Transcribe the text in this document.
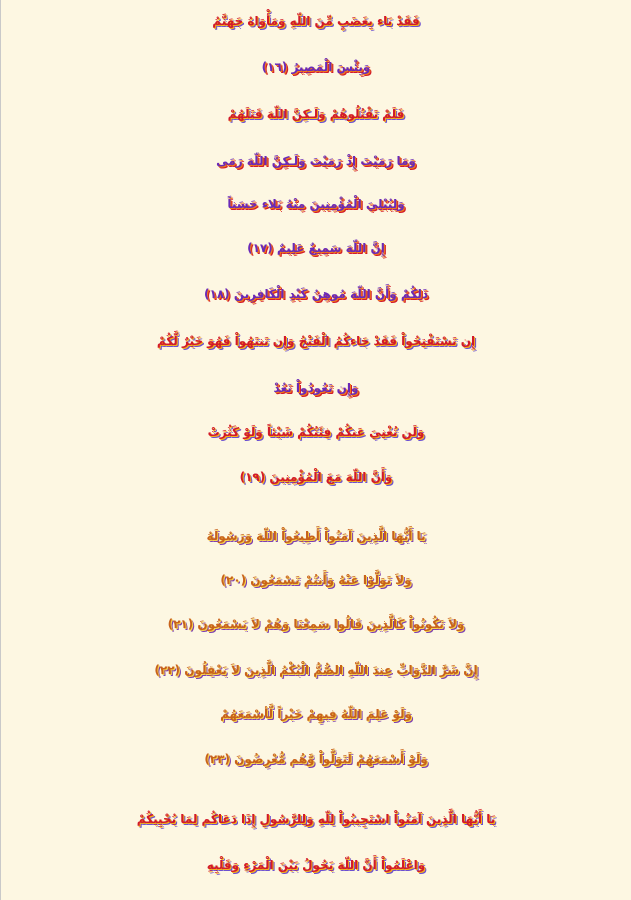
فَقَدْ بَاء بِغَضَبٍ مِّنَ اللّهِ وَمَأْوَاهُ جَهَنَّمُ
وَبِئْسَ الْمَصِيرُ (١٦)
فَلَمْ تَقْتُلُوهُمْ وَلَـكِنَّ اللّهَ قَتَلَهُمْ
وَمَا رَمَيْتَ إِذْ رَمَيْتَ وَلَـكِنَّ اللّهَ رَمَى
وَلِيُبْلِيَ الْمُؤْمِنِينَ مِنْهُ بَلاء حَسَناً
إِنَّ اللّهَ سَمِيعٌ عَلِيمٌ (١٧)
ذَلِكُمْ وَأَنَّ اللّهَ مُوهِنُ كَيْدِ الْكَافِرِينَ (١٨)
إِن تَسْتَفْتِحُواْ فَقَدْ جَاءكُمُ الْفَتْحُ وَإِن تَنتَهُواْ فَهُوَ خَيْرٌ لَّكُمْ
وَإِن تَعُودُواْ نَعُدْ
وَلَن تُغْنِيَ عَنكُمْ فِئَتُكُمْ شَيْئاً وَلَوْ كَثُرَتْ
وَأَنَّ اللّهَ مَعَ الْمُؤْمِنِينَ (١٩)
يَا أَيُّهَا الَّذِينَ آمَنُواْ أَطِيعُواْ اللّهَ وَرَسُولَهُ
وَلاَ تَوَلَّوْا عَنْهُ وَأَنتُمْ تَسْمَعُونَ (٢٠)
وَلاَ تَكُونُواْ كَالَّذِينَ قَالُوا سَمِعْنَا وَهُمْ لاَ يَسْمَعُونَ (٢١)
إِنَّ شَرَّ الدَّوَابِّ عِندَ اللّهِ الصُّمُّ الْبُكْمُ الَّذِينَ لاَ يَعْقِلُونَ (٢٢)
وَلَوْ عَلِمَ اللّهُ فِيهِمْ خَيْراً لَّأسْمَعَهُمْ
وَلَوْ أَسْمَعَهُمْ لَتَوَلَّواْ وَّهُم مُّعْرِضُونَ (٢٣)
يَا أَيُّهَا الَّذِينَ آمَنُواْ اسْتَجِيبُواْ لِلّهِ وَلِلرَّسُولِ إِذَا دَعَاكُم لِمَا يُحْيِيكُمْ
وَاعْلَمُواْ أَنَّ اللّهَ يَحُولُ بَيْنَ الْمَرْءِ وَقَلْبِهِ
